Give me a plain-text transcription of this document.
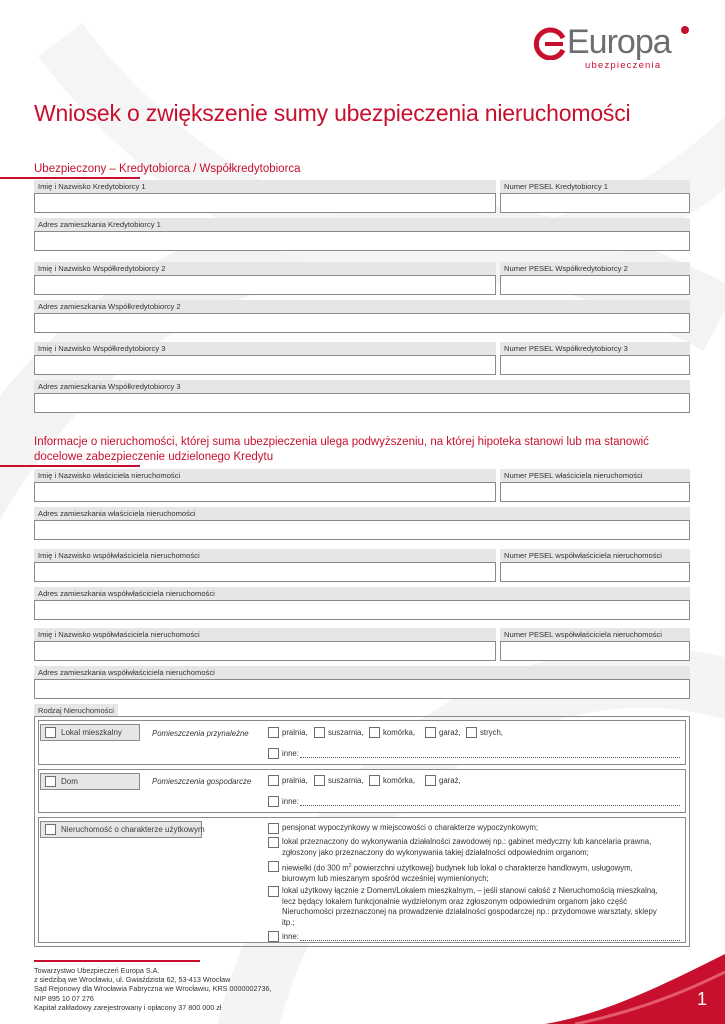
Europa
ubezpieczenia
Wniosek o zwiększenie sumy ubezpieczenia nieruchomości
Ubezpieczony – Kredytobiorca / Współkredytobiorca
Imię i Nazwisko Kredytobiorcy 1	Numer PESEL Kredytobiorcy 1
Adres zamieszkania Kredytobiorcy 1
Imię i Nazwisko Współkredytobiorcy 2	Numer PESEL Współkredytobiorcy 2
Adres zamieszkania Współkredytobiorcy 2
Imię i Nazwisko Współkredytobiorcy 3	Numer PESEL Współkredytobiorcy 3
Adres zamieszkania Współkredytobiorcy 3
Informacje o nieruchomości, której suma ubezpieczenia ulega podwyższeniu, na której hipoteka stanowi lub ma stanowić
docelowe zabezpieczenie udzielonego Kredytu
Imię i Nazwisko właściciela nieruchomości	Numer PESEL właściciela nieruchomości
Adres zamieszkania właściciela nieruchomości
Imię i Nazwisko współwłaściciela nieruchomości	Numer PESEL współwłaściciela nieruchomości
Adres zamieszkania współwłaściciela nieruchomości
Imię i Nazwisko współwłaściciela nieruchomości	Numer PESEL współwłaściciela nieruchomości
Adres zamieszkania współwłaściciela nieruchomości
Rodzaj Nieruchomości
Lokal mieszkalny	Pomieszczenia przynależne	pralnia,	suszarnia, komórka,	garaż, strych,
inne:
Dom	Pomieszczenia gospodarcze	pralnia,	suszarnia, komórka,	garaż,
inne:
Nieruchomość o charakterze użytkowym	pensjonat wypoczynkowy w miejscowości o charakterze wypoczynkowym;
lokal przeznaczony do wykonywania działalności zawodowej np.: gabinet medyczny lub kancelaria prawna, zgłoszony jako przeznaczony do wykonywania takiej działalności odpowiednim organom;
niewielki (do 300 $m^2$ powierzchni użytkowej) budynek lub lokal o charakterze handlowym, usługowym, biurowym lub mieszanym spośród wcześniej wymienionych;
lokal użytkowy łącznie z Domem/Lokalem mieszkalnym, – jeśli stanowi całość z Nieruchomością mieszkalną, lecz będący lokalem funkcjonalnie wydzielonym oraz zgłoszonym odpowiednim organom jako część Nieruchomości przeznaczonej na prowadzenie działalności gospodarczej np.: przydomowe warsztaty, sklepy itp.;
inne:
Towarzystwo Ubezpieczeń Europa S.A.
z siedzibą we Wrocławiu, ul. Gwiaździsta 62, 53-413 Wrocław
Sąd Rejonowy dla Wrocławia Fabryczna we Wrocławiu, KRS 0000002736,
NIP 895 10 07 276
Kapitał zakładowy zarejestrowany i opłacony 37 800 000 zł	1
